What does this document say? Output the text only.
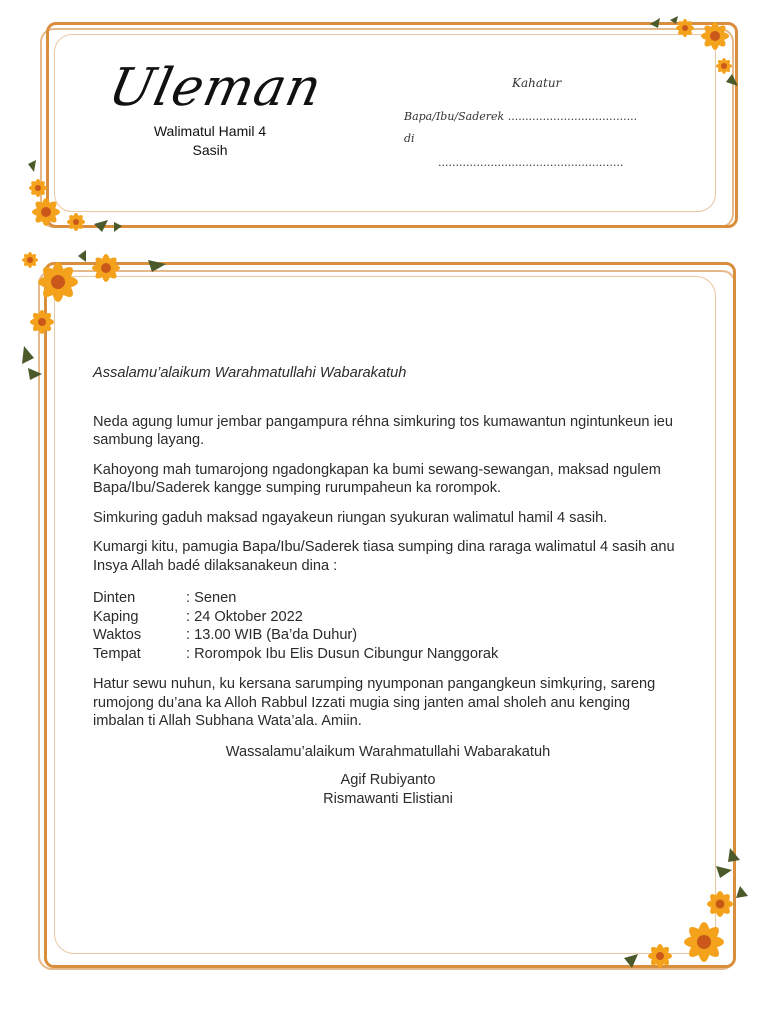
Uleman
Walimatul Hamil 4
Sasih
Kahatur
Bapa/Ibu/Saderek .....................................
di
.....................................................

Assalamu’alaikum Warahmatullahi Wabarakatuh

Neda agung lumur jembar pangampura réhna simkuring tos kumawantun ngintunkeun ieu sambung layang.

Kahoyong mah tumarojong ngadongkapan ka bumi sewang-sewangan, maksad ngulem Bapa/Ibu/Saderek kangge sumping rurumpaheun ka rorompok.

Simkuring gaduh maksad ngayakeun riungan syukuran walimatul hamil 4 sasih.

Kumargi kitu, pamugia Bapa/Ibu/Saderek tiasa sumping dina raraga walimatul 4 sasih anu Insya Allah badé dilaksanakeun dina :

Dinten	: Senen
Kaping	: 24 Oktober 2022
Waktos	: 13.00 WIB (Ba’da Duhur)
Tempat	: Rorompok Ibu Elis Dusun Cibungur Nanggorak

Hatur sewu nuhun, ku kersana sarumping nyumponan pangangkeun simkụring, sareng rumojong du’ana ka Alloh Rabbul Izzati mugia sing janten amal sholeh anu kenging imbalan ti Allah Subhana Wata’ala. Amiin.

Wassalamu’alaikum Warahmatullahi Wabarakatuh

Agif Rubiyanto
Rismawanti Elistiani
